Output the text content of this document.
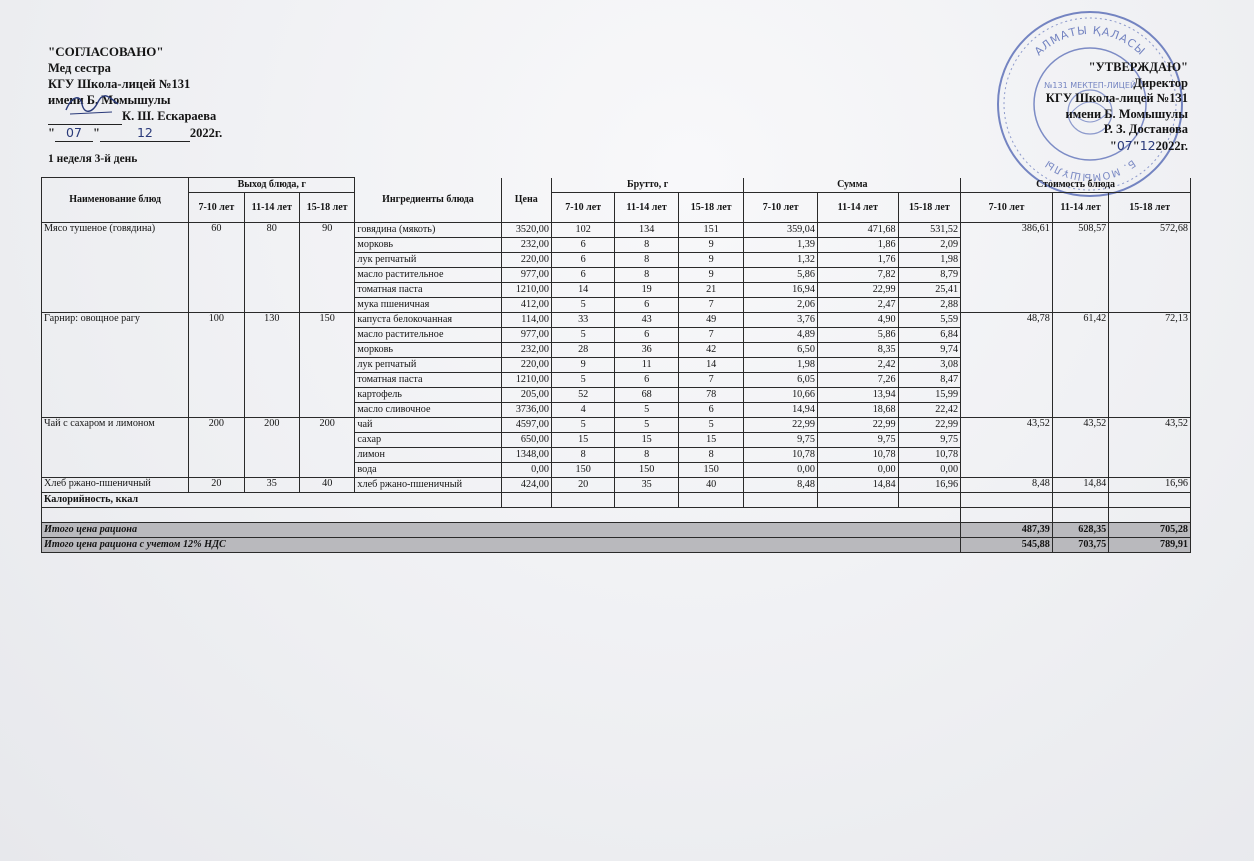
"СОГЛАСОВАНО"
Мед сестра
КГУ Школа-лицей №131
имени Б. Момышулы
К. Ш. Ескараева
" 07 "	12	2022г.
АЛМАТЫ ҚАЛАСЫ
Б. МОМЫШҰЛЫ
№131 МЕКТЕП-ЛИЦЕЙ
"УТВЕРЖДАЮ"
Директор
КГУ Школа-лицей №131
имени Б. Момышулы
Р. З. Достанова
"07"122022г.
1 неделя 3-й день
Наименование блюд	Выход блюда, г			Ингредиенты блюда	Цена	Брутто, г			Сумма			Стоимость блюда		
	7-10 лет	11-14 лет	15-18 лет			7-10 лет	11-14 лет	15-18 лет	7-10 лет	11-14 лет	15-18 лет	7-10 лет	11-14 лет	15-18 лет
Мясо тушеное (говядина)	60	80	90	говядина (мякоть)	3520,00	102	134	151	359,04	471,68	531,52	386,61	508,57	572,68
				морковь	232,00	6	8	9	1,39	1,86	2,09			
				лук репчатый	220,00	6	8	9	1,32	1,76	1,98			
				масло растительное	977,00	6	8	9	5,86	7,82	8,79			
				томатная паста	1210,00	14	19	21	16,94	22,99	25,41			
				мука пшеничная	412,00	5	6	7	2,06	2,47	2,88			
Гарнир: овощное рагу	100	130	150	капуста белокочанная	114,00	33	43	49	3,76	4,90	5,59	48,78	61,42	72,13
				масло растительное	977,00	5	6	7	4,89	5,86	6,84			
				морковь	232,00	28	36	42	6,50	8,35	9,74			
				лук репчатый	220,00	9	11	14	1,98	2,42	3,08			
				томатная паста	1210,00	5	6	7	6,05	7,26	8,47			
				картофель	205,00	52	68	78	10,66	13,94	15,99			
				масло сливочное	3736,00	4	5	6	14,94	18,68	22,42			
Чай с сахаром и лимоном	200	200	200	чай	4597,00	5	5	5	22,99	22,99	22,99	43,52	43,52	43,52
				сахар	650,00	15	15	15	9,75	9,75	9,75			
				лимон	1348,00	8	8	8	10,78	10,78	10,78			
				вода	0,00	150	150	150	0,00	0,00	0,00			
Хлеб ржано-пшеничный	20	35	40	хлеб ржано-пшеничный	424,00	20	35	40	8,48	14,84	16,96	8,48	14,84	16,96
Калорийность, ккал														

Итого цена рациона												487,39	628,35	705,28
Итого цена рациона с учетом 12% НДС												545,88	703,75	789,91
